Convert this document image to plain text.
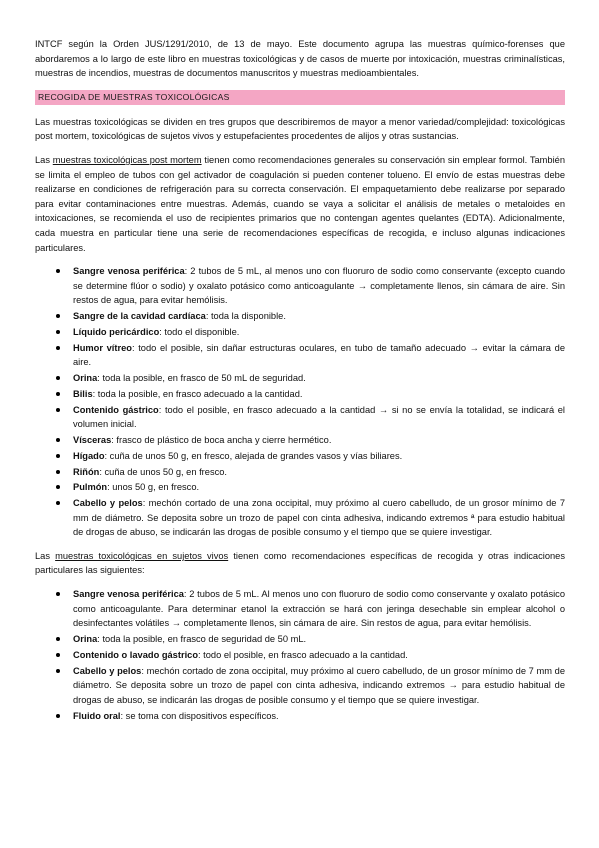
INTCF según la Orden JUS/1291/2010, de 13 de mayo. Este documento agrupa las muestras químico-forenses que abordaremos a lo largo de este libro en muestras toxicológicas y de casos de muerte por intoxicación, muestras criminalísticas, muestras de incendios, muestras de documentos manuscritos y muestras medioambientales.

RECOGIDA DE MUESTRAS TOXICOLÓGICAS

Las muestras toxicológicas se dividen en tres grupos que describiremos de mayor a menor variedad/complejidad: toxicológicas post mortem, toxicológicas de sujetos vivos y estupefacientes procedentes de alijos y otras sustancias.

Las muestras toxicológicas post mortem tienen como recomendaciones generales su conservación sin emplear formol. También se limita el empleo de tubos con gel activador de coagulación si pueden contener tolueno. El envío de estas muestras debe realizarse en condiciones de refrigeración para su correcta conservación. El empaquetamiento debe realizarse por separado para evitar contaminaciones entre muestras. Además, cuando se vaya a solicitar el análisis de metales o metaloides en intoxicaciones, se recomienda el uso de recipientes primarios que no contengan agentes quelantes (EDTA). Adicionalmente, cada muestra en particular tiene una serie de recomendaciones específicas de recogida, e incluso algunas indicaciones particulares.

Sangre venosa periférica: 2 tubos de 5 mL, al menos uno con fluoruro de sodio como conservante (excepto cuando se determine flúor o sodio) y oxalato potásico como anticoagulante → completamente llenos, sin cámara de aire. Sin restos de agua, para evitar hemólisis.
Sangre de la cavidad cardíaca: toda la disponible.
Líquido pericárdico: todo el disponible.
Humor vítreo: todo el posible, sin dañar estructuras oculares, en tubo de tamaño adecuado → evitar la cámara de aire.
Orina: toda la posible, en frasco de 50 mL de seguridad.
Bilis: toda la posible, en frasco adecuado a la cantidad.
Contenido gástrico: todo el posible, en frasco adecuado a la cantidad → si no se envía la totalidad, se indicará el volumen inicial.
Vísceras: frasco de plástico de boca ancha y cierre hermético.
Hígado: cuña de unos 50 g, en fresco, alejada de grandes vasos y vías biliares.
Riñón: cuña de unos 50 g, en fresco.
Pulmón: unos 50 g, en fresco.
Cabello y pelos: mechón cortado de una zona occipital, muy próximo al cuero cabelludo, de un grosor mínimo de 7 mm de diámetro. Se deposita sobre un trozo de papel con cinta adhesiva, indicando extremos ª para estudio habitual de drogas de abuso, se indicarán las drogas de posible consumo y el tiempo que se quiere investigar.

Las muestras toxicológicas en sujetos vivos tienen como recomendaciones específicas de recogida y otras indicaciones particulares las siguientes:

Sangre venosa periférica: 2 tubos de 5 mL. Al menos uno con fluoruro de sodio como conservante y oxalato potásico como anticoagulante. Para determinar etanol la extracción se hará con jeringa desechable sin emplear alcohol o desinfectantes volátiles → completamente llenos, sin cámara de aire. Sin restos de agua, para evitar hemólisis.
Orina: toda la posible, en frasco de seguridad de 50 mL.
Contenido o lavado gástrico: todo el posible, en frasco adecuado a la cantidad.
Cabello y pelos: mechón cortado de zona occipital, muy próximo al cuero cabelludo, de un grosor mínimo de 7 mm de diámetro. Se deposita sobre un trozo de papel con cinta adhesiva, indicando extremos → para estudio habitual de drogas de abuso, se indicarán las drogas de posible consumo y el tiempo que se quiere investigar.
Fluido oral: se toma con dispositivos específicos.
